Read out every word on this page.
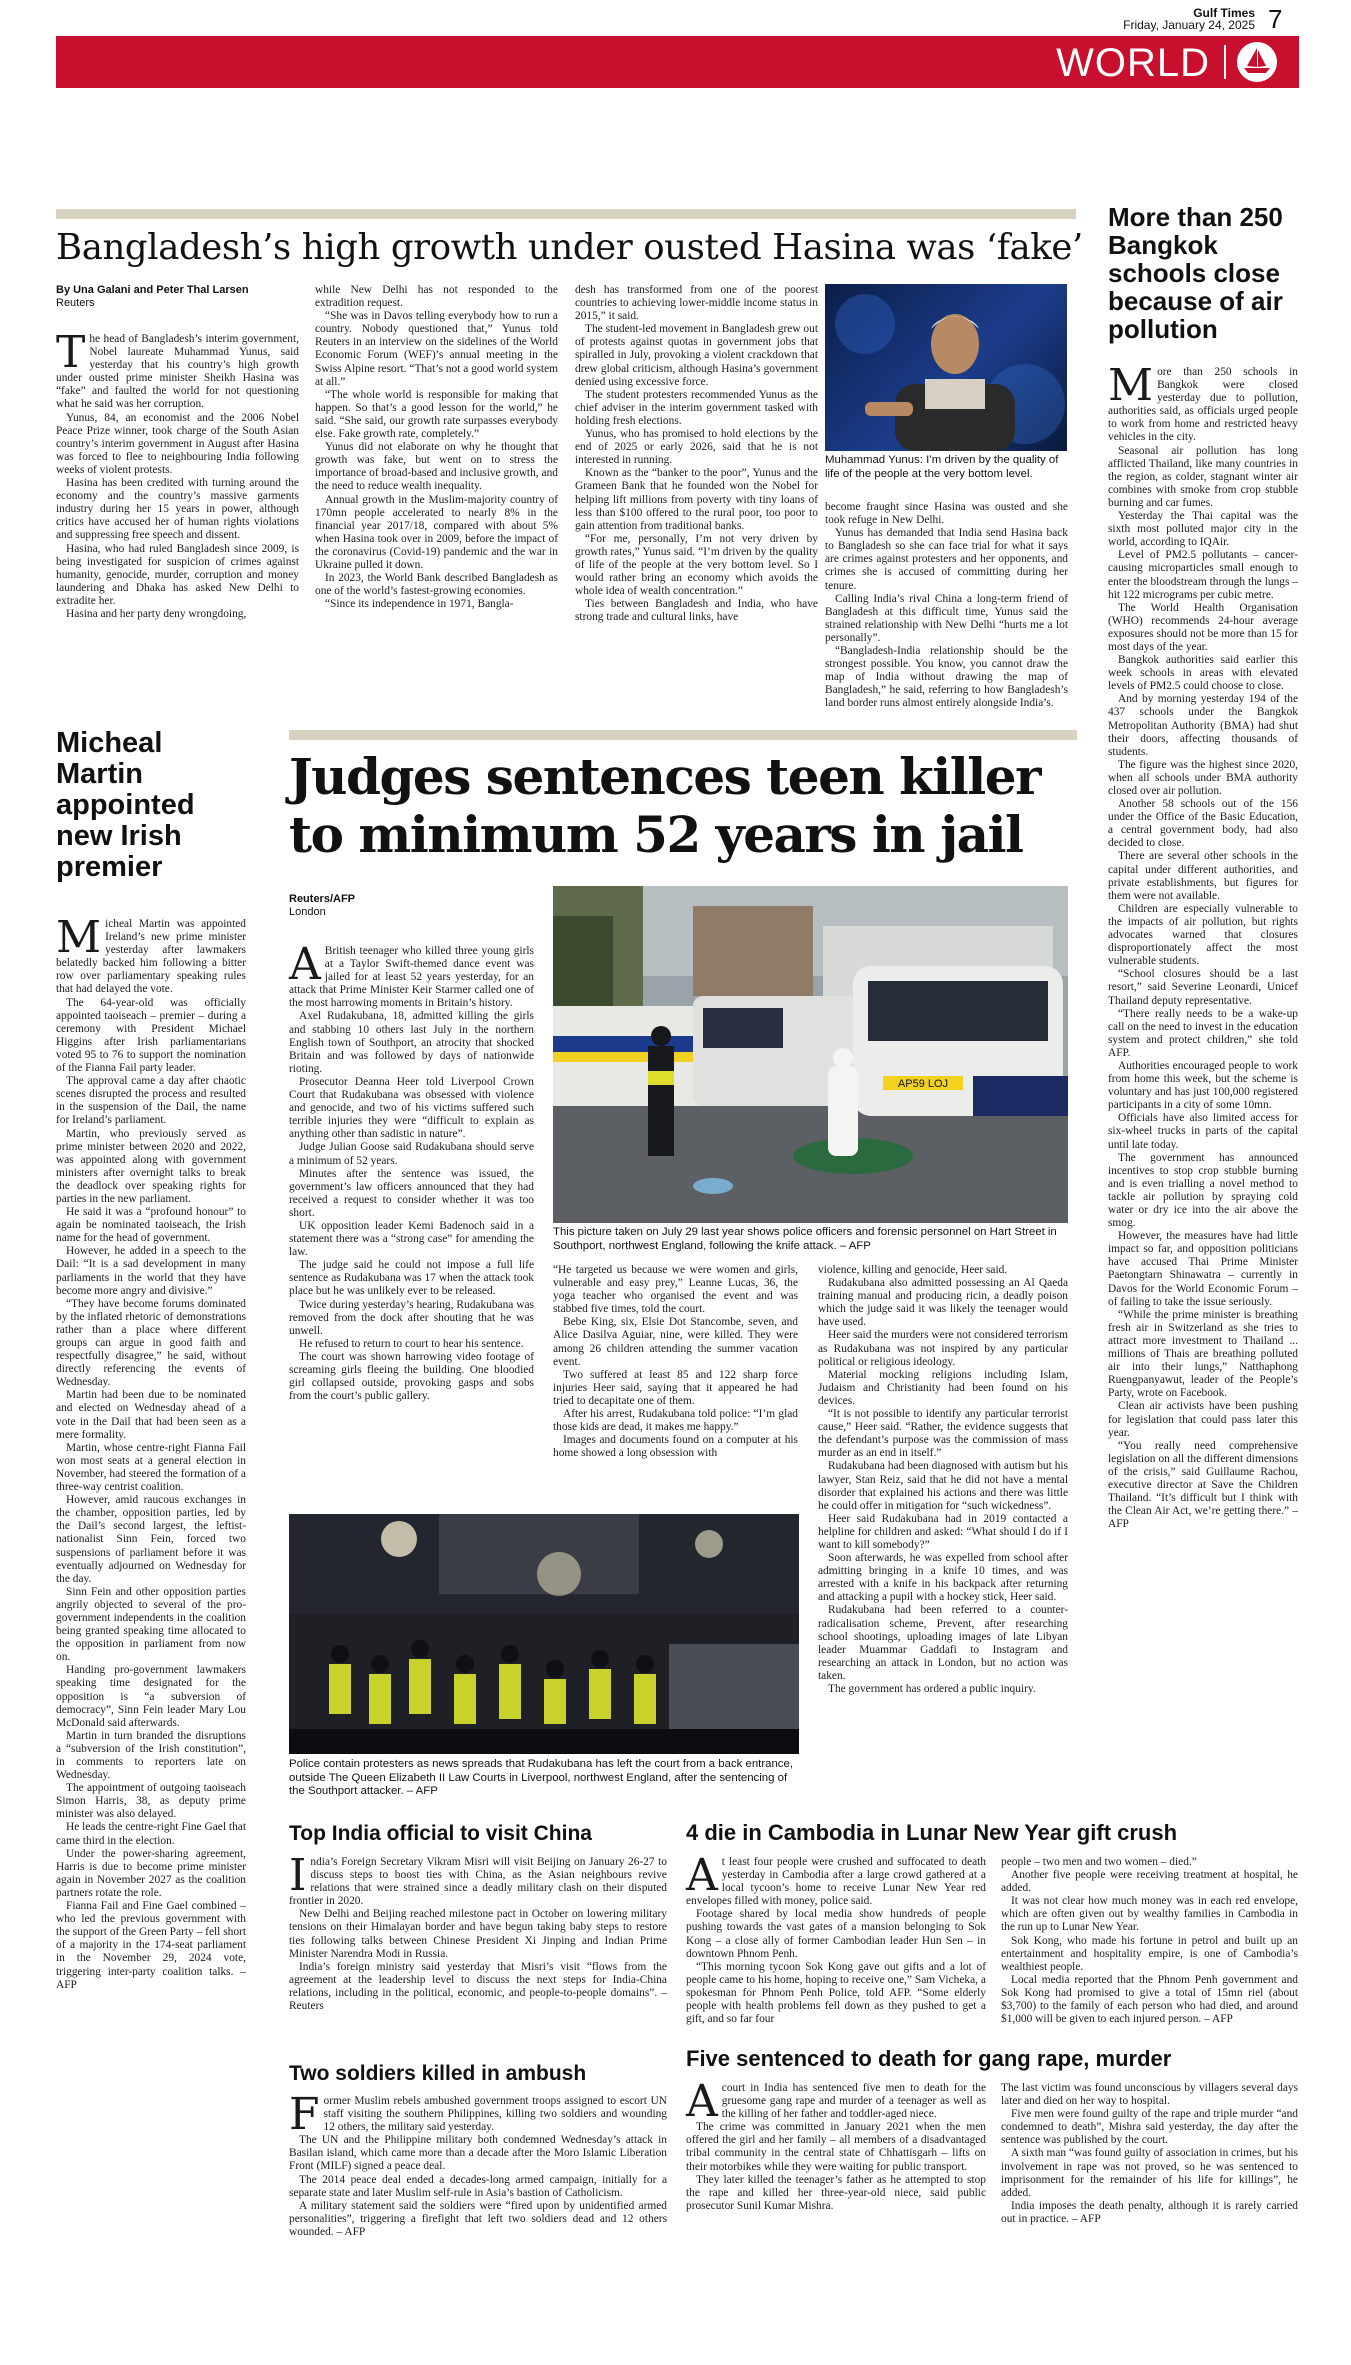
Gulf Times
Friday, January 24, 2025 7
WORLD
Bangladesh’s high growth under ousted Hasina was ‘fake’
By Una Galani and Peter Thal Larsen
Reuters

The head of Bangladesh’s interim government, Nobel laureate Muhammad Yunus, said yesterday that his country’s high growth under ousted prime minister Sheikh Hasina was “fake” and faulted the world for not questioning what he said was her corruption.

Yunus, 84, an economist and the 2006 Nobel Peace Prize winner, took charge of the South Asian country’s interim government in August after Hasina was forced to flee to neighbouring India following weeks of violent protests.

Hasina has been credited with turning around the economy and the country’s massive garments industry during her 15 years in power, although critics have accused her of human rights violations and suppressing free speech and dissent.

Hasina, who had ruled Bangladesh since 2009, is being investigated for suspicion of crimes against humanity, genocide, murder, corruption and money laundering and Dhaka has asked New Delhi to extradite her.

Hasina and her party deny wrongdoing,

while New Delhi has not responded to the extradition request.

“She was in Davos telling everybody how to run a country. Nobody questioned that,” Yunus told Reuters in an interview on the sidelines of the World Economic Forum (WEF)’s annual meeting in the Swiss Alpine resort. “That’s not a good world system at all.”

“The whole world is responsible for making that happen. So that’s a good lesson for the world,” he said. “She said, our growth rate surpasses everybody else. Fake growth rate, completely.”

Yunus did not elaborate on why he thought that growth was fake, but went on to stress the importance of broad-based and inclusive growth, and the need to reduce wealth inequality.

Annual growth in the Muslim-majority country of 170mn people accelerated to nearly 8% in the financial year 2017/18, compared with about 5% when Hasina took over in 2009, before the impact of the coronavirus (Covid-19) pandemic and the war in Ukraine pulled it down.

In 2023, the World Bank described Bangladesh as one of the world’s fastest-growing economies.

“Since its independence in 1971, Bangla-

desh has transformed from one of the poorest countries to achieving lower-middle income status in 2015,” it said.

The student-led movement in Bangladesh grew out of protests against quotas in government jobs that spiralled in July, provoking a violent crackdown that drew global criticism, although Hasina’s government denied using excessive force.

The student protesters recommended Yunus as the chief adviser in the interim government tasked with holding fresh elections.

Yunus, who has promised to hold elections by the end of 2025 or early 2026, said that he is not interested in running.

Known as the “banker to the poor”, Yunus and the Grameen Bank that he founded won the Nobel for helping lift millions from poverty with tiny loans of less than $100 offered to the rural poor, too poor to gain attention from traditional banks.

“For me, personally, I’m not very driven by growth rates,” Yunus said. “I’m driven by the quality of life of the people at the very bottom level. So I would rather bring an economy which avoids the whole idea of wealth concentration.”

Ties between Bangladesh and India, who have strong trade and cultural links, have

Muhammad Yunus: I’m driven by the quality of life of the people at the very bottom level.

become fraught since Hasina was ousted and she took refuge in New Delhi.

Yunus has demanded that India send Hasina back to Bangladesh so she can face trial for what it says are crimes against protesters and her opponents, and crimes she is accused of committing during her tenure.

Calling India’s rival China a long-term friend of Bangladesh at this difficult time, Yunus said the strained relationship with New Delhi “hurts me a lot personally”.

“Bangladesh-India relationship should be the strongest possible. You know, you cannot draw the map of India without drawing the map of Bangladesh,” he said, referring to how Bangladesh’s land border runs almost entirely alongside India’s.

More than 250 Bangkok schools close because of air pollution

More than 250 schools in Bangkok were closed yesterday due to pollution, authorities said, as officials urged people to work from home and restricted heavy vehicles in the city.

Seasonal air pollution has long afflicted Thailand, like many countries in the region, as colder, stagnant winter air combines with smoke from crop stubble burning and car fumes.

Yesterday the Thai capital was the sixth most polluted major city in the world, according to IQAir.

Level of PM2.5 pollutants – cancer-causing microparticles small enough to enter the bloodstream through the lungs – hit 122 micrograms per cubic metre.

The World Health Organisation (WHO) recommends 24-hour average exposures should not be more than 15 for most days of the year.

Bangkok authorities said earlier this week schools in areas with elevated levels of PM2.5 could choose to close.

And by morning yesterday 194 of the 437 schools under the Bangkok Metropolitan Authority (BMA) had shut their doors, affecting thousands of students.

The figure was the highest since 2020, when all schools under BMA authority closed over air pollution.

Another 58 schools out of the 156 under the Office of the Basic Education, a central government body, had also decided to close.

There are several other schools in the capital under different authorities, and private establishments, but figures for them were not available.

Children are especially vulnerable to the impacts of air pollution, but rights advocates warned that closures disproportionately affect the most vulnerable students.

“School closures should be a last resort,” said Severine Leonardi, Unicef Thailand deputy representative.

“There really needs to be a wake-up call on the need to invest in the education system and protect children,” she told AFP.

Authorities encouraged people to work from home this week, but the scheme is voluntary and has just 100,000 registered participants in a city of some 10mn.

Officials have also limited access for six-wheel trucks in parts of the capital until late today.

The government has announced incentives to stop crop stubble burning and is even trialling a novel method to tackle air pollution by spraying cold water or dry ice into the air above the smog.

However, the measures have had little impact so far, and opposition politicians have accused Thai Prime Minister Paetongtarn Shinawatra – currently in Davos for the World Economic Forum – of failing to take the issue seriously.

“While the prime minister is breathing fresh air in Switzerland as she tries to attract more investment to Thailand ... millions of Thais are breathing polluted air into their lungs,” Natthaphong Ruengpanyawut, leader of the People’s Party, wrote on Facebook.

Clean air activists have been pushing for legislation that could pass later this year.

“You really need comprehensive legislation on all the different dimensions of the crisis,” said Guillaume Rachou, executive director at Save the Children Thailand. “It’s difficult but I think with the Clean Air Act, we’re getting there.” – AFP

Micheal Martin appointed new Irish premier

Micheal Martin was appointed Ireland’s new prime minister yesterday after lawmakers belatedly backed him following a bitter row over parliamentary speaking rules that had delayed the vote.

The 64-year-old was officially appointed taoiseach – premier – during a ceremony with President Michael Higgins after Irish parliamentarians voted 95 to 76 to support the nomination of the Fianna Fail party leader.

The approval came a day after chaotic scenes disrupted the process and resulted in the suspension of the Dail, the name for Ireland’s parliament.

Martin, who previously served as prime minister between 2020 and 2022, was appointed along with government ministers after overnight talks to break the deadlock over speaking rights for parties in the new parliament.

He said it was a “profound honour” to again be nominated taoiseach, the Irish name for the head of government.

However, he added in a speech to the Dail: “It is a sad development in many parliaments in the world that they have become more angry and divisive.”

“They have become forums dominated by the inflated rhetoric of demonstrations rather than a place where different groups can argue in good faith and respectfully disagree,” he said, without directly referencing the events of Wednesday.

Martin had been due to be nominated and elected on Wednesday ahead of a vote in the Dail that had been seen as a mere formality.

Martin, whose centre-right Fianna Fail won most seats at a general election in November, had steered the formation of a three-way centrist coalition.

However, amid raucous exchanges in the chamber, opposition parties, led by the Dail’s second largest, the leftist-nationalist Sinn Fein, forced two suspensions of parliament before it was eventually adjourned on Wednesday for the day.

Sinn Fein and other opposition parties angrily objected to several of the pro-government independents in the coalition being granted speaking time allocated to the opposition in parliament from now on.

Handing pro-government lawmakers speaking time designated for the opposition is “a subversion of democracy”, Sinn Fein leader Mary Lou McDonald said afterwards.

Martin in turn branded the disruptions a “subversion of the Irish constitution”, in comments to reporters late on Wednesday.

The appointment of outgoing taoiseach Simon Harris, 38, as deputy prime minister was also delayed.

He leads the centre-right Fine Gael that came third in the election.

Under the power-sharing agreement, Harris is due to become prime minister again in November 2027 as the coalition partners rotate the role.

Fianna Fail and Fine Gael combined – who led the previous government with the support of the Green Party – fell short of a majority in the 174-seat parliament in the November 29, 2024 vote, triggering inter-party coalition talks. – AFP

Judges sentences teen killer to minimum 52 years in jail
Reuters/AFP
London

ABritish teenager who killed three young girls at a Taylor Swift-themed dance event was jailed for at least 52 years yesterday, for an attack that Prime Minister Keir Starmer called one of the most harrowing moments in Britain’s history.

Axel Rudakubana, 18, admitted killing the girls and stabbing 10 others last July in the northern English town of Southport, an atrocity that shocked Britain and was followed by days of nationwide rioting.

Prosecutor Deanna Heer told Liverpool Crown Court that Rudakubana was obsessed with violence and genocide, and two of his victims suffered such terrible injuries they were “difficult to explain as anything other than sadistic in nature”.

Judge Julian Goose said Rudakubana should serve a minimum of 52 years.

Minutes after the sentence was issued, the government’s law officers announced that they had received a request to consider whether it was too short.

UK opposition leader Kemi Badenoch said in a statement there was a “strong case” for amending the law.

The judge said he could not impose a full life sentence as Rudakubana was 17 when the attack took place but he was unlikely ever to be released.

Twice during yesterday’s hearing, Rudakubana was removed from the dock after shouting that he was unwell.

He refused to return to court to hear his sentence.

The court was shown harrowing video footage of screaming girls fleeing the building. One bloodied girl collapsed outside, provoking gasps and sobs from the court’s public gallery.

AP59 LOJ
This picture taken on July 29 last year shows police officers and forensic personnel on Hart Street in Southport, northwest England, following the knife attack. – AFP

“He targeted us because we were women and girls, vulnerable and easy prey,” Leanne Lucas, 36, the yoga teacher who organised the event and was stabbed five times, told the court.

Bebe King, six, Elsie Dot Stancombe, seven, and Alice Dasilva Aguiar, nine, were killed. They were among 26 children attending the summer vacation event.

Two suffered at least 85 and 122 sharp force injuries Heer said, saying that it appeared he had tried to decapitate one of them.

After his arrest, Rudakubana told police: “I’m glad those kids are dead, it makes me happy.”

Images and documents found on a computer at his home showed a long obsession with

violence, killing and genocide, Heer said.

Rudakubana also admitted possessing an Al Qaeda training manual and producing ricin, a deadly poison which the judge said it was likely the teenager would have used.

Heer said the murders were not considered terrorism as Rudakubana was not inspired by any particular political or religious ideology.

Material mocking religions including Islam, Judaism and Christianity had been found on his devices.

“It is not possible to identify any particular terrorist cause,” Heer said. “Rather, the evidence suggests that the defendant’s purpose was the commission of mass murder as an end in itself.”

Rudakubana had been diagnosed with autism but his lawyer, Stan Reiz, said that he did not have a mental disorder that explained his actions and there was little he could offer in mitigation for “such wickedness”.

Heer said Rudakubana had in 2019 contacted a helpline for children and asked: “What should I do if I want to kill somebody?”

Soon afterwards, he was expelled from school after admitting bringing in a knife 10 times, and was arrested with a knife in his backpack after returning and attacking a pupil with a hockey stick, Heer said.

Rudakubana had been referred to a counter-radicalisation scheme, Prevent, after researching school shootings, uploading images of late Libyan leader Muammar Gaddafi to Instagram and researching an attack in London, but no action was taken.

The government has ordered a public inquiry.

Police contain protesters as news spreads that Rudakubana has left the court from a back entrance, outside The Queen Elizabeth II Law Courts in Liverpool, northwest England, after the sentencing of the Southport attacker. – AFP
Top India official to visit China

India’s Foreign Secretary Vikram Misri will visit Beijing on January 26-27 to discuss steps to boost ties with China, as the Asian neighbours revive relations that were strained since a deadly military clash on their disputed frontier in 2020.

New Delhi and Beijing reached milestone pact in October on lowering military tensions on their Himalayan border and have begun taking baby steps to restore ties following talks between Chinese President Xi Jinping and Indian Prime Minister Narendra Modi in Russia.

India’s foreign ministry said yesterday that Misri’s visit “flows from the agreement at the leadership level to discuss the next steps for India-China relations, including in the political, economic, and people-to-people domains”. – Reuters

Two soldiers killed in ambush

Former Muslim rebels ambushed government troops assigned to escort UN staff visiting the southern Philippines, killing two soldiers and wounding 12 others, the military said yesterday.

The UN and the Philippine military both condemned Wednesday’s attack in Basilan island, which came more than a decade after the Moro Islamic Liberation Front (MILF) signed a peace deal.

The 2014 peace deal ended a decades-long armed campaign, initially for a separate state and later Muslim self-rule in Asia’s bastion of Catholicism.

A military statement said the soldiers were “fired upon by unidentified armed personalities”, triggering a firefight that left two soldiers dead and 12 others wounded. – AFP

4 die in Cambodia in Lunar New Year gift crush

At least four people were crushed and suffocated to death yesterday in Cambodia after a large crowd gathered at a local tycoon’s home to receive Lunar New Year red envelopes filled with money, police said.

Footage shared by local media show hundreds of people pushing towards the vast gates of a mansion belonging to Sok Kong – a close ally of former Cambodian leader Hun Sen – in downtown Phnom Penh.

“This morning tycoon Sok Kong gave out gifts and a lot of people came to his home, hoping to receive one,” Sam Vicheka, a spokesman for Phnom Penh Police, told AFP. “Some elderly people with health problems fell down as they pushed to get a gift, and so far four

people – two men and two women – died.”

Another five people were receiving treatment at hospital, he added.

It was not clear how much money was in each red envelope, which are often given out by wealthy families in Cambodia in the run up to Lunar New Year.

Sok Kong, who made his fortune in petrol and built up an entertainment and hospitality empire, is one of Cambodia’s wealthiest people.

Local media reported that the Phnom Penh government and Sok Kong had promised to give a total of 15mn riel (about $3,700) to the family of each person who had died, and around $1,000 will be given to each injured person. – AFP

Five sentenced to death for gang rape, murder

Acourt in India has sentenced five men to death for the gruesome gang rape and murder of a teenager as well as the killing of her father and toddler-aged niece.

The crime was committed in January 2021 when the men offered the girl and her family – all members of a disadvantaged tribal community in the central state of Chhattisgarh – lifts on their motorbikes while they were waiting for public transport.

They later killed the teenager’s father as he attempted to stop the rape and killed her three-year-old niece, said public prosecutor Sunil Kumar Mishra.

The last victim was found unconscious by villagers several days later and died on her way to hospital.

Five men were found guilty of the rape and triple murder “and condemned to death”, Mishra said yesterday, the day after the sentence was published by the court.

A sixth man “was found guilty of association in crimes, but his involvement in rape was not proved, so he was sentenced to imprisonment for the remainder of his life for killings”, he added.

India imposes the death penalty, although it is rarely carried out in practice. – AFP
